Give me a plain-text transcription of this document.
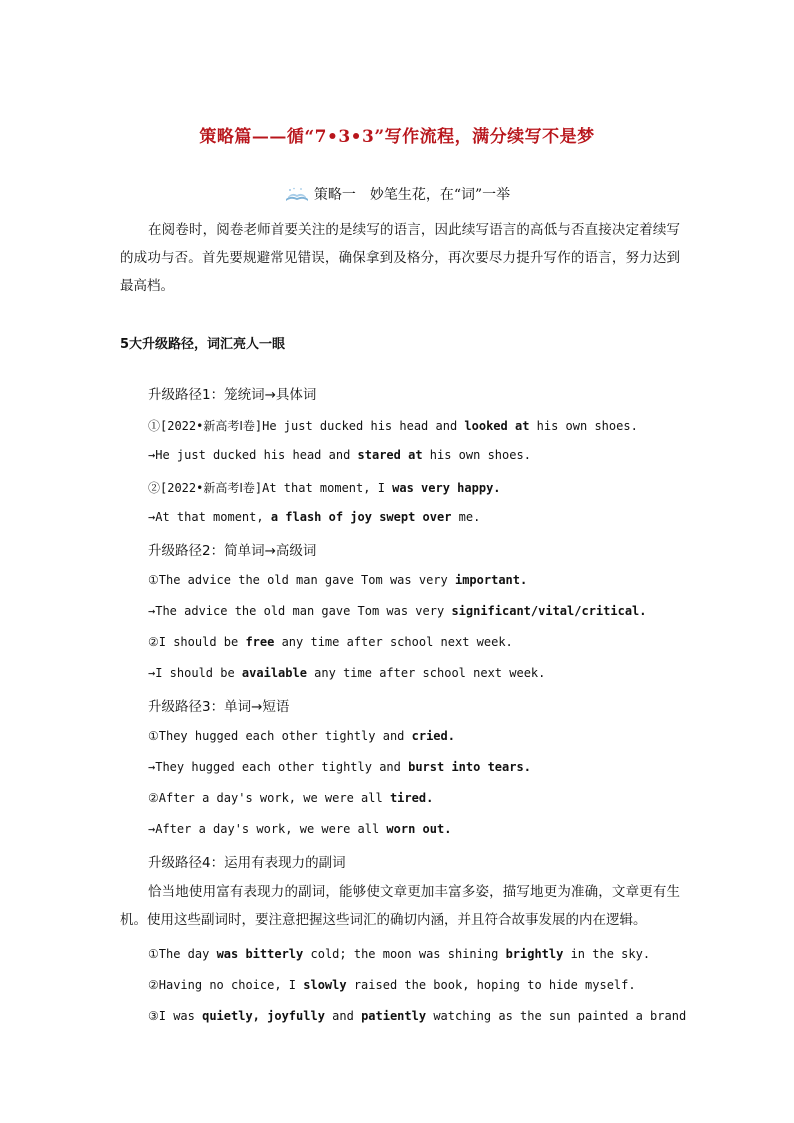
策略篇——循“7•3•3”写作流程，满分续写不是梦
策略一　妙笔生花，在“词”一举
在阅卷时，阅卷老师首要关注的是续写的语言，因此续写语言的高低与否直接决定着续写的成功与否。首先要规避常见错误，确保拿到及格分，再次要尽力提升写作的语言，努力达到最高档。
5大升级路径，词汇亮人一眼
升级路径1：笼统词→具体词
①[2022•新高考Ⅰ卷]He just ducked his head and looked at his own shoes.
→He just ducked his head and stared at his own shoes.
②[2022•新高考Ⅰ卷]At that moment, I was very happy.
→At that moment, a flash of joy swept over me.
升级路径2：简单词→高级词
①The advice the old man gave Tom was very important.
→The advice the old man gave Tom was very significant/vital/critical.
②I should be free any time after school next week.
→I should be available any time after school next week.
升级路径3：单词→短语
①They hugged each other tightly and cried.
→They hugged each other tightly and burst into tears.
②After a day's work, we were all tired.
→After a day's work, we were all worn out.
升级路径4：运用有表现力的副词
恰当地使用富有表现力的副词，能够使文章更加丰富多姿，描写地更为准确，文章更有生机。使用这些副词时，要注意把握这些词汇的确切内涵，并且符合故事发展的内在逻辑。
①The day was bitterly cold; the moon was shining brightly in the sky.
②Having no choice, I slowly raised the book, hoping to hide myself.
③I was quietly, joyfully and patiently watching as the sun painted a brand
